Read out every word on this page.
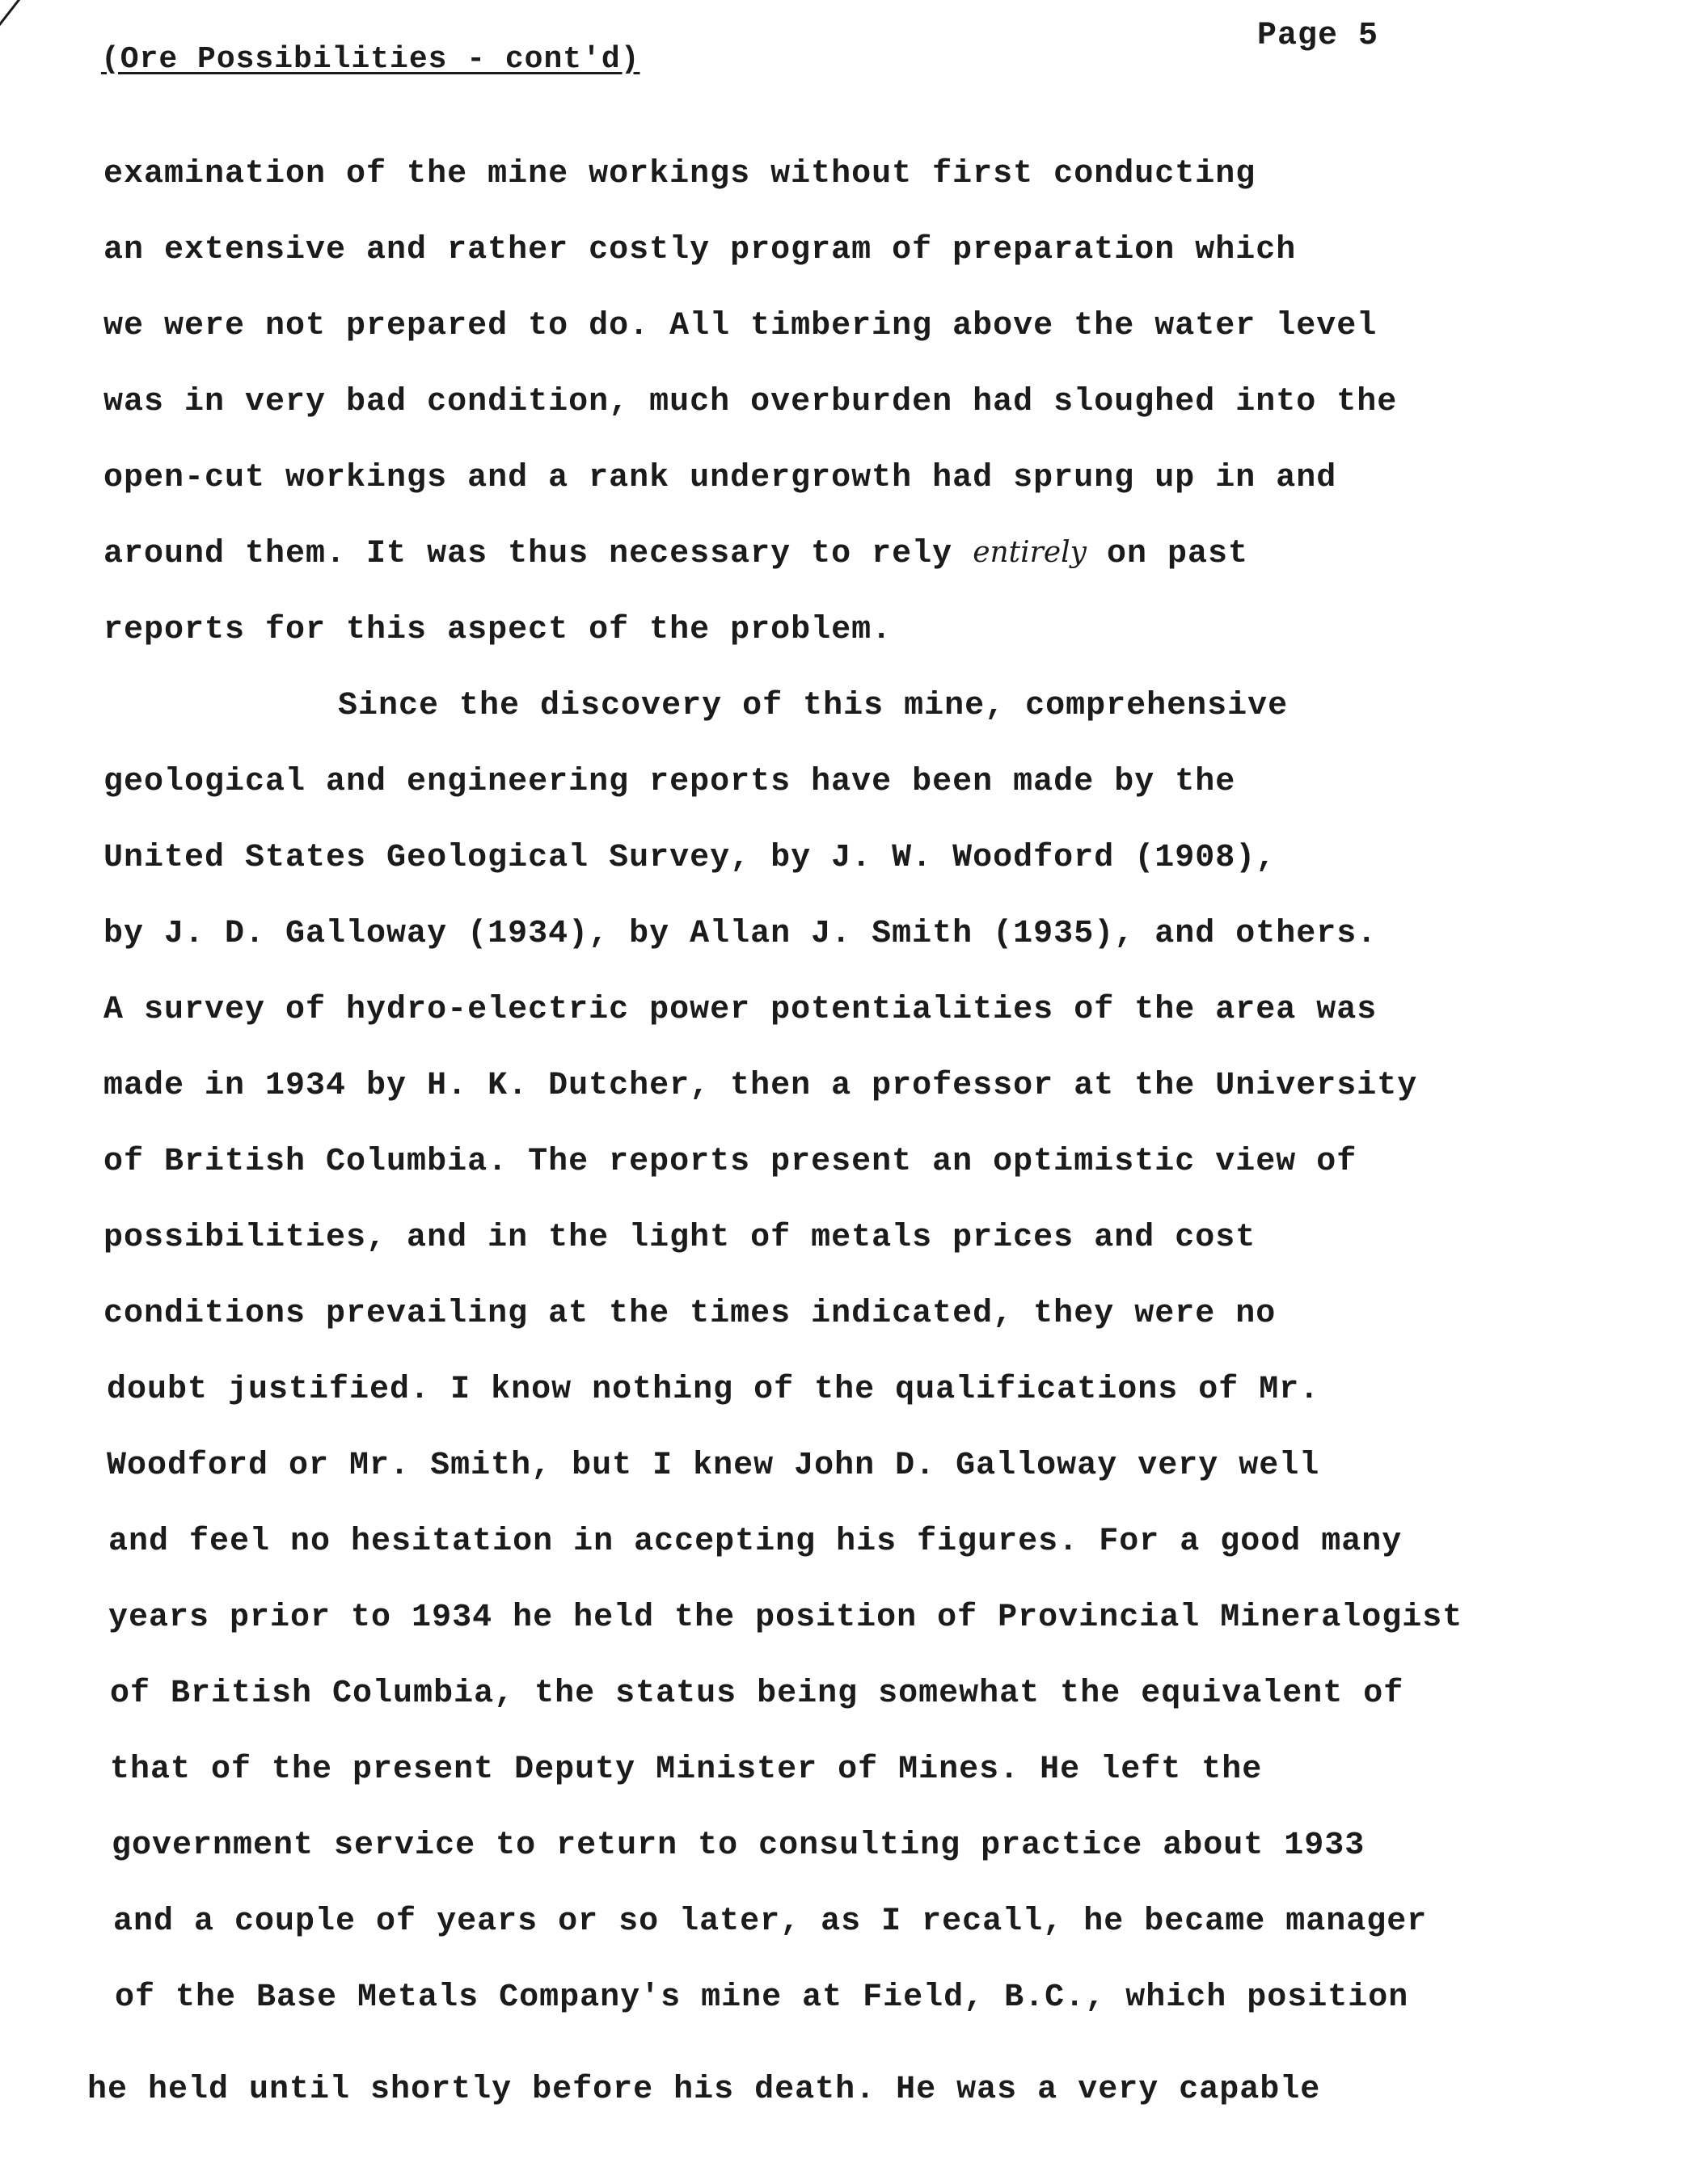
Page 5
(Ore Possibilities - cont'd)
examination of the mine workings without first conducting
an extensive and rather costly program of preparation which
we were not prepared to do. All timbering above the water level
was in very bad condition, much overburden had sloughed into the
open-cut workings and a rank undergrowth had sprung up in and
around them. It was thus necessary to rely entirely on past
reports for this aspect of the problem.
Since the discovery of this mine, comprehensive
geological and engineering reports have been made by the
United States Geological Survey, by J. W. Woodford (1908),
by J. D. Galloway (1934), by Allan J. Smith (1935), and others.
A survey of hydro-electric power potentialities of the area was
made in 1934 by H. K. Dutcher, then a professor at the University
of British Columbia. The reports present an optimistic view of
possibilities, and in the light of metals prices and cost
conditions prevailing at the times indicated, they were no
doubt justified. I know nothing of the qualifications of Mr.
Woodford or Mr. Smith, but I knew John D. Galloway very well
and feel no hesitation in accepting his figures. For a good many
years prior to 1934 he held the position of Provincial Mineralogist
of British Columbia, the status being somewhat the equivalent of
that of the present Deputy Minister of Mines. He left the
government service to return to consulting practice about 1933
and a couple of years or so later, as I recall, he became manager
of the Base Metals Company's mine at Field, B.C., which position
he held until shortly before his death. He was a very capable
